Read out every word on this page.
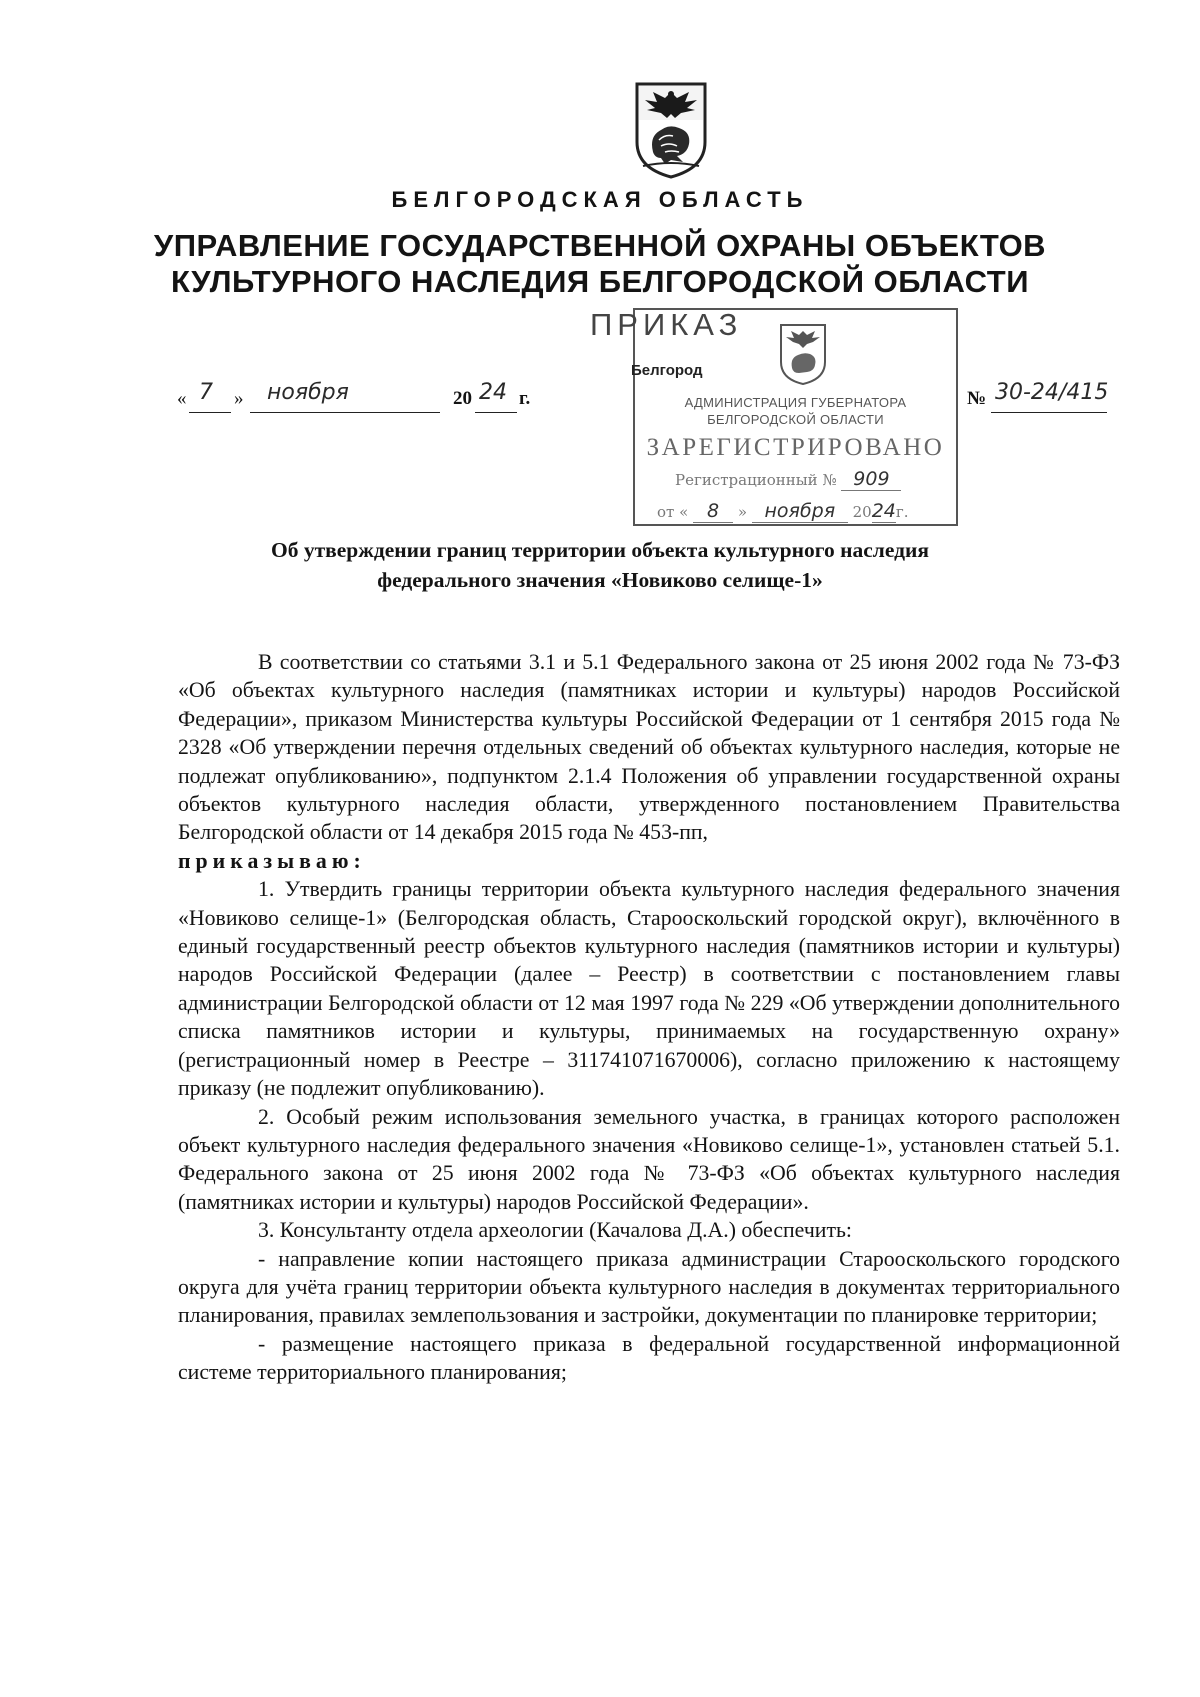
БЕЛГОРОДСКАЯ ОБЛАСТЬ
УПРАВЛЕНИЕ ГОСУДАРСТВЕННОЙ ОХРАНЫ ОБЪЕКТОВ
КУЛЬТУРНОГО НАСЛЕДИЯ БЕЛГОРОДСКОЙ ОБЛАСТИ
Белгород
АДМИНИСТРАЦИЯ ГУБЕРНАТОРА
БЕЛГОРОДСКОЙ ОБЛАСТИ
ЗАРЕГИСТРИРОВАНО
Регистрационный № 909
от « 8 » ноября 2024г.
ПРИКАЗ
« 7 » ноября	20 24 г.	№ 30-24/415
Об утверждении границ территории объекта культурного наследия
федерального значения «Новиково селище-1»

В соответствии со статьями 3.1 и 5.1 Федерального закона от 25 июня 2002 года № 73-ФЗ «Об объектах культурного наследия (памятниках истории и культуры) народов Российской Федерации», приказом Министерства культуры Российской Федерации от 1 сентября 2015 года № 2328 «Об утверждении перечня отдельных сведений об объектах культурного наследия, которые не подлежат опубликованию», подпунктом 2.1.4 Положения об управлении государственной охраны объектов культурного наследия области, утвержденного постановлением Правительства Белгородской области от 14 декабря 2015 года № 453-пп,

приказываю:

1. Утвердить границы территории объекта культурного наследия федерального значения «Новиково селище-1» (Белгородская область, Старооскольский городской округ), включённого в единый государственный реестр объектов культурного наследия (памятников истории и культуры) народов Российской Федерации (далее – Реестр) в соответствии с постановлением главы администрации Белгородской области от 12 мая 1997 года № 229 «Об утверждении дополнительного списка памятников истории и культуры, принимаемых на государственную охрану» (регистрационный номер в Реестре – 311741071670006), согласно приложению к настоящему приказу (не подлежит опубликованию).

2. Особый режим использования земельного участка, в границах которого расположен объект культурного наследия федерального значения «Новиково селище-1», установлен статьей 5.1. Федерального закона от 25 июня 2002 года № 73-ФЗ «Об объектах культурного наследия (памятниках истории и культуры) народов Российской Федерации».

3. Консультанту отдела археологии (Качалова Д.А.) обеспечить:

- направление копии настоящего приказа администрации Старооскольского городского округа для учёта границ территории объекта культурного наследия в документах территориального планирования, правилах землепользования и застройки, документации по планировке территории;

- размещение настоящего приказа в федеральной государственной информационной системе территориального планирования;
